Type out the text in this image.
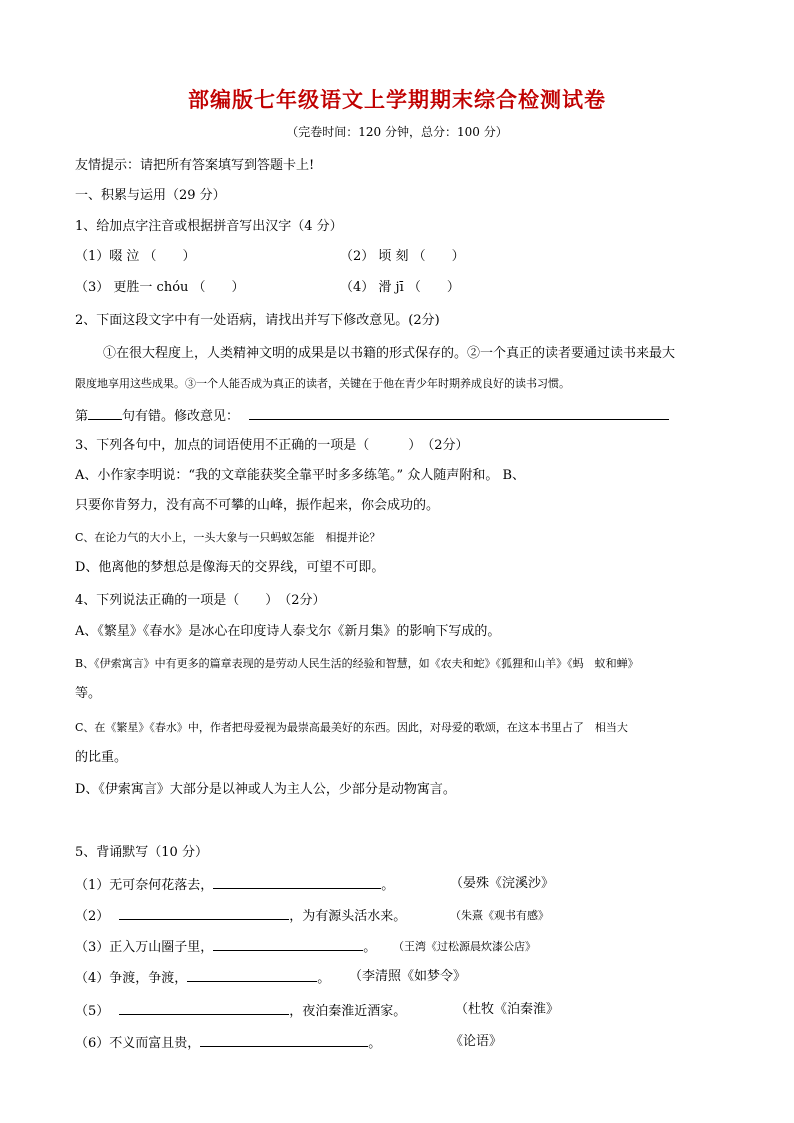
部编版七年级语文上学期期末综合检测试卷
（完卷时间：120 分钟，总分：100 分）
友情提示：请把所有答案填写到答题卡上!
一、积累与运用（29 分）
1、给加点字注音或根据拼音写出汉字（4 分）
（1）啜 泣 （　　）	（2） 顷 刻 （　　）
（3） 更胜一 chóu （　　）	（4） 滑 jī （　　）
2、下面这段文字中有一处语病，请找出并写下修改意见。(2分)
①在很大程度上，人类精神文明的成果是以书籍的形式保存的。②一个真正的读者要通过读书来最大
限度地享用这些成果。③一个人能否成为真正的读者，关键在于他在青少年时期养成良好的读书习惯。
第	句有错。修改意见：
3、下列各句中，加点的词语使用不正确的一项是（　　　）　（2分）
A、小作家李明说：“我的文章能获奖全靠平时多多练笔。” 众人随声附和。 B、
只要你肯努力，没有高不可攀的山峰，振作起来，你会成功的。
C、在论力气的大小上，一头大象与一只蚂蚁怎能　相提并论？
D、他离他的梦想总是像海天的交界线，可望不可即。
4、下列说法正确的一项是（　　）　（2分）
A、《繁星》《春水》是冰心在印度诗人泰戈尔《新月集》的影响下写成的。
B、《伊索寓言》中有更多的篇章表现的是劳动人民生活的经验和智慧，如《农夫和蛇》《狐狸和山羊》《蚂　蚁和蝉》
等。
C、在《繁星》《春水》中，作者把母爱视为最崇高最美好的东西。因此，对母爱的歌颂，在这本书里占了　相当大
的比重。
D、《伊索寓言》大部分是以神或人为主人公，少部分是动物寓言。
5、背诵默写（10 分）
（1）无可奈何花落去，	。	（晏殊《浣溪沙》
（2）	，为有源头活水来。	（朱熹《观书有感》
（3）正入万山圈子里，	。 （王湾《过松源晨炊漆公店》
（4）争渡，争渡，	。 （李清照《如梦令》
（5）	，夜泊秦淮近酒家。	（杜牧《泊秦淮》
（6）不义而富且贵，	。	《论语》
